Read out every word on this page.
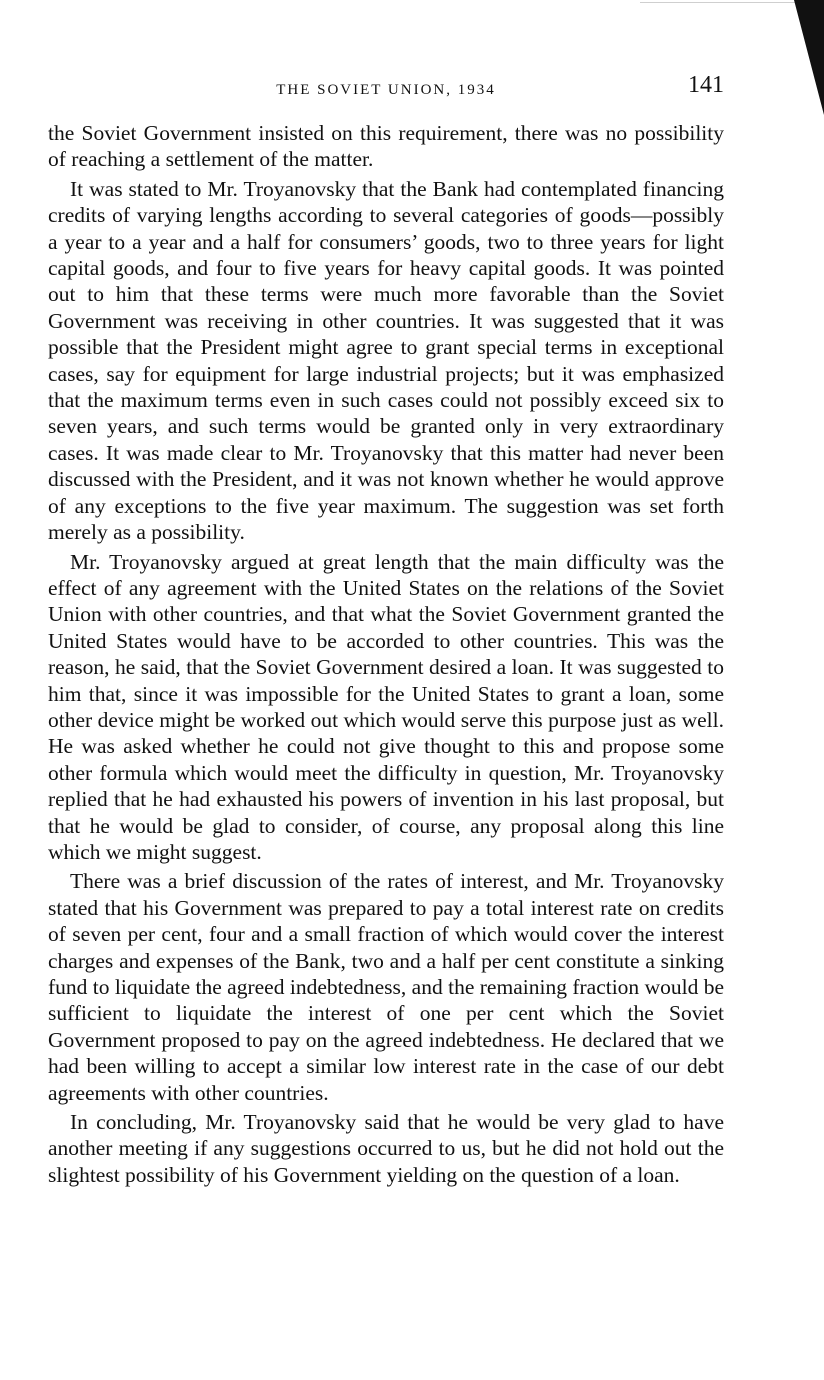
THE SOVIET UNION, 1934	141

the Soviet Government insisted on this requirement, there was no possibility of reaching a settlement of the matter.

It was stated to Mr. Troyanovsky that the Bank had contemplated financing credits of varying lengths according to several categories of goods—possibly a year to a year and a half for consumers’ goods, two to three years for light capital goods, and four to five years for heavy capital goods. It was pointed out to him that these terms were much more favorable than the Soviet Government was receiving in other countries. It was suggested that it was possible that the President might agree to grant special terms in exceptional cases, say for equipment for large industrial projects; but it was emphasized that the maximum terms even in such cases could not possibly exceed six to seven years, and such terms would be granted only in very extraordinary cases. It was made clear to Mr. Troyanovsky that this matter had never been discussed with the President, and it was not known whether he would approve of any exceptions to the five year maximum. The suggestion was set forth merely as a possibility.

Mr. Troyanovsky argued at great length that the main difficulty was the effect of any agreement with the United States on the relations of the Soviet Union with other countries, and that what the Soviet Government granted the United States would have to be accorded to other countries. This was the reason, he said, that the Soviet Government desired a loan. It was suggested to him that, since it was impossible for the United States to grant a loan, some other device might be worked out which would serve this purpose just as well. He was asked whether he could not give thought to this and propose some other formula which would meet the difficulty in question, Mr. Troyanovsky replied that he had exhausted his powers of invention in his last proposal, but that he would be glad to consider, of course, any proposal along this line which we might suggest.

There was a brief discussion of the rates of interest, and Mr. Troyanovsky stated that his Government was prepared to pay a total interest rate on credits of seven per cent, four and a small fraction of which would cover the interest charges and expenses of the Bank, two and a half per cent constitute a sinking fund to liquidate the agreed indebtedness, and the remaining fraction would be sufficient to liquidate the interest of one per cent which the Soviet Government proposed to pay on the agreed indebtedness. He declared that we had been willing to accept a similar low interest rate in the case of our debt agreements with other countries.

In concluding, Mr. Troyanovsky said that he would be very glad to have another meeting if any suggestions occurred to us, but he did not hold out the slightest possibility of his Government yielding on the question of a loan.
